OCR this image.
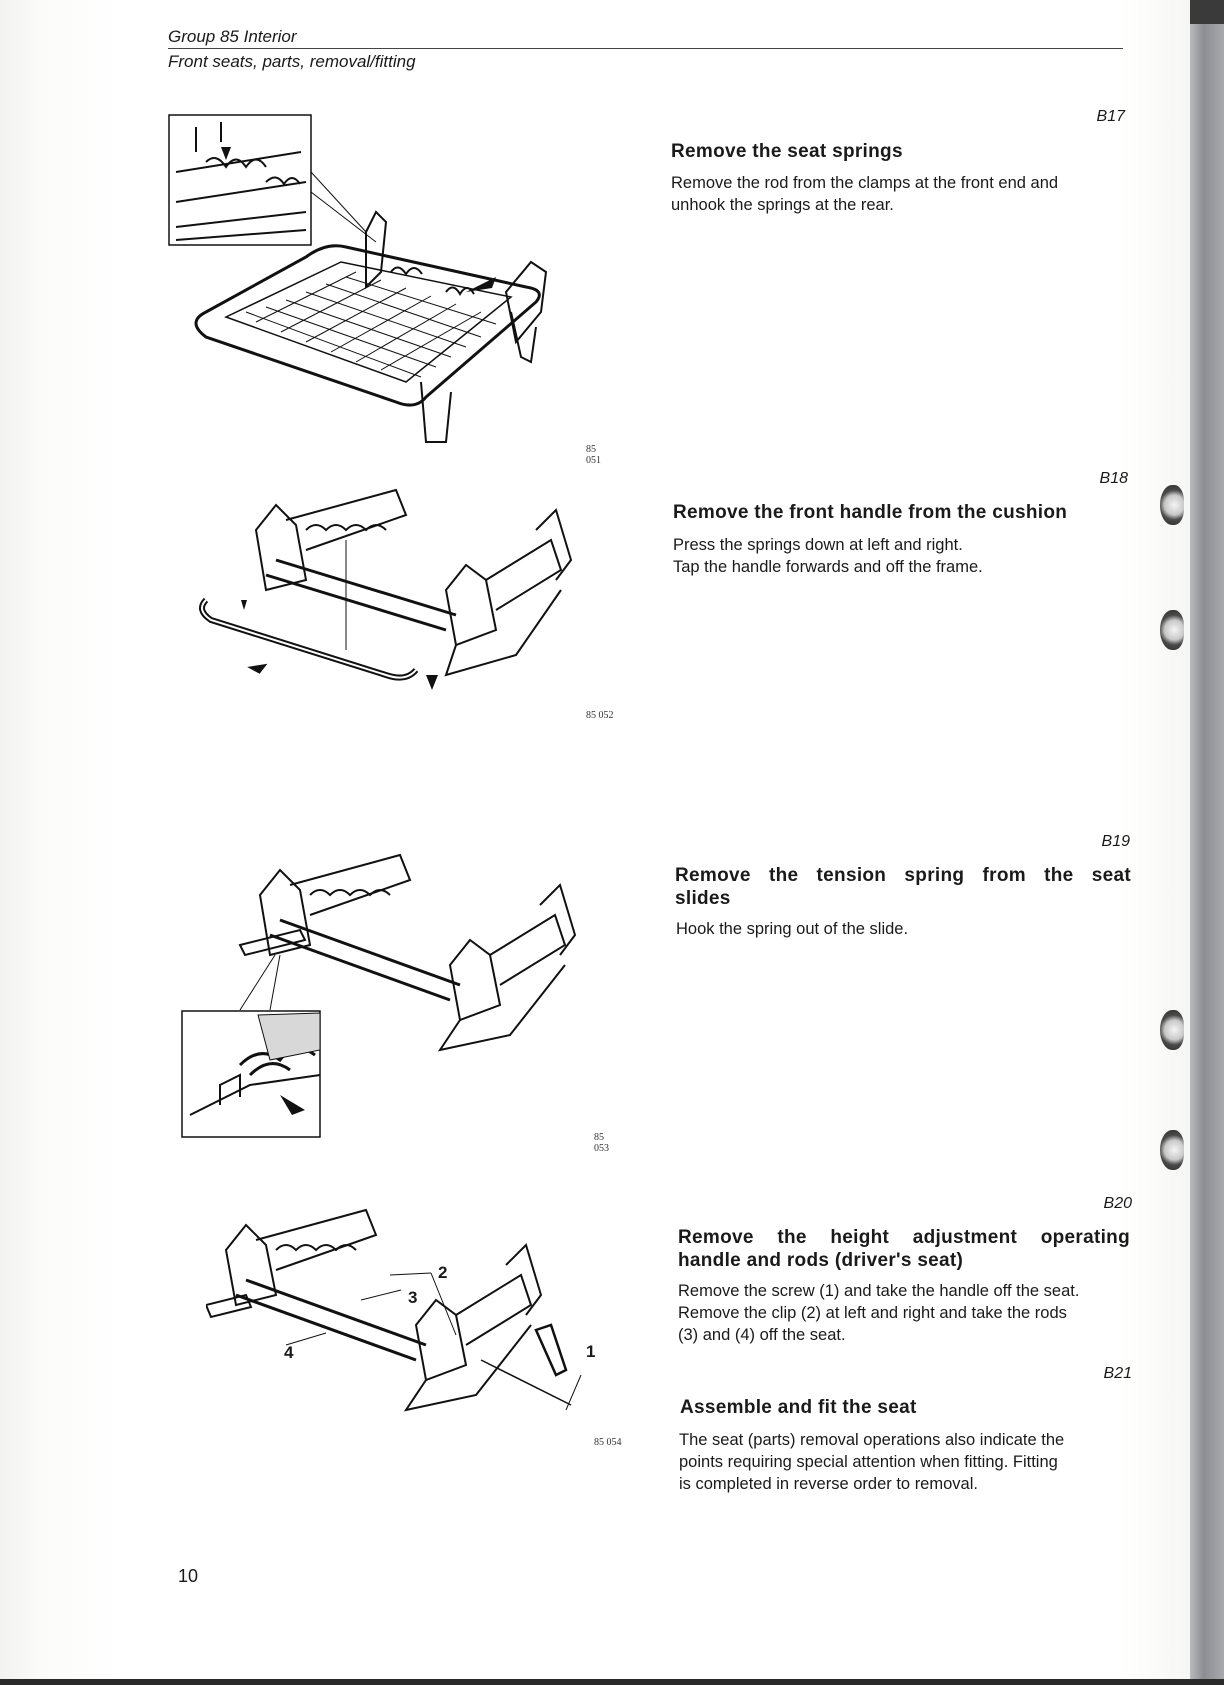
Group 85 Interior
Front seats, parts, removal/fitting
85 051
85 052
85 053
2
3
4	1
85 054
B17
Remove the seat springs
Remove the rod from the clamps at the front end and
unhook the springs at the rear.
B18
Remove the front handle from the cushion
Press the springs down at left and right.
Tap the handle forwards and off the frame.
B19
Remove the tension spring from the seat
slides
Hook the spring out of the slide.
B20
Remove the height adjustment operating
handle and rods (driver's seat)
Remove the screw (1) and take the handle off the seat.
Remove the clip (2) at left and right and take the rods
(3) and (4) off the seat.
B21
Assemble and fit the seat
The seat (parts) removal operations also indicate the
points requiring special attention when fitting. Fitting
is completed in reverse order to removal.
10
